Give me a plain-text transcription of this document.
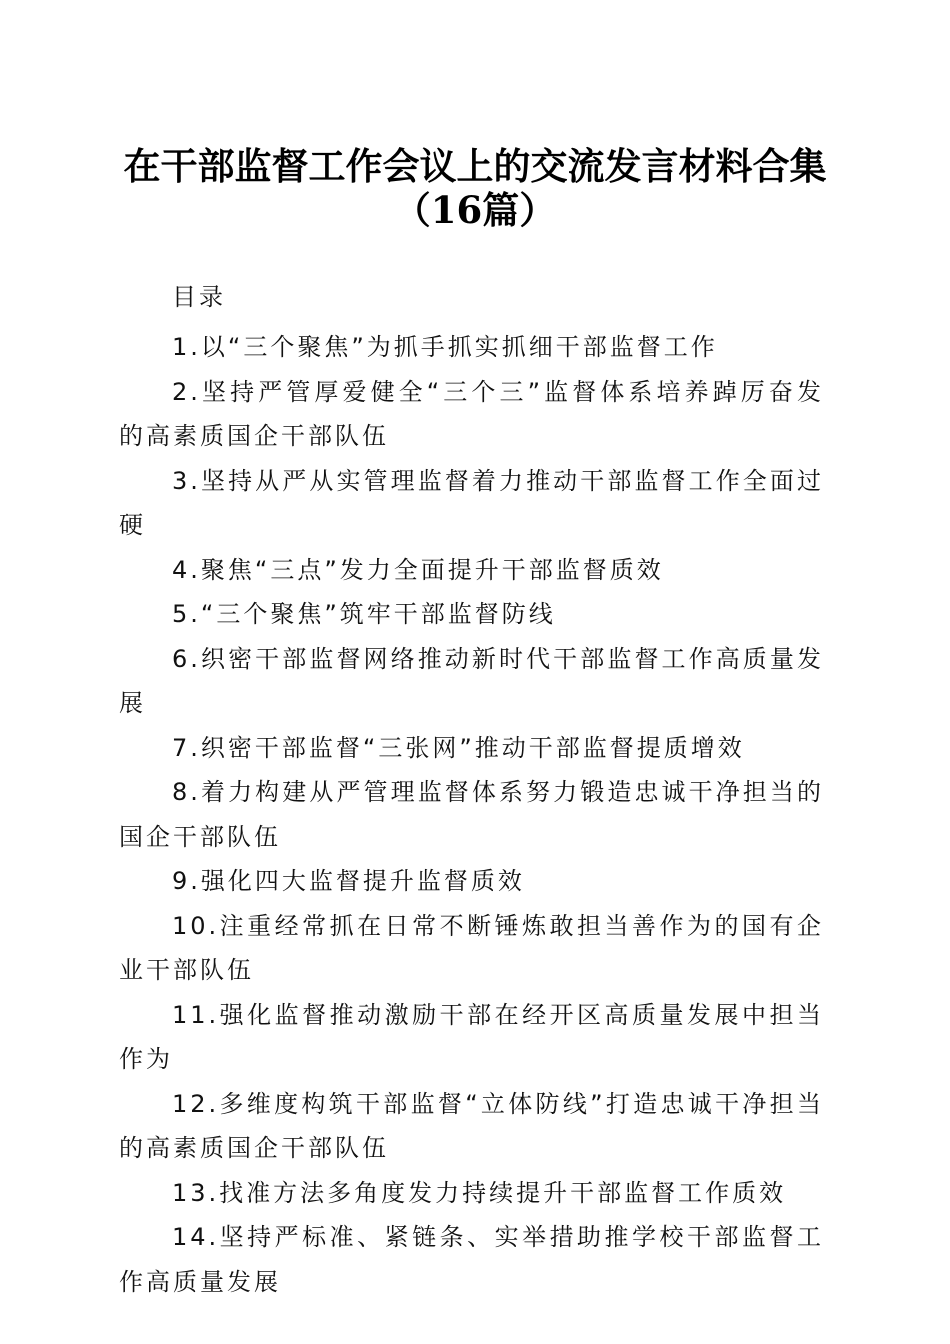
在干部监督工作会议上的交流发言材料合集
（16篇）

目录

1.以“三个聚焦”为抓手抓实抓细干部监督工作
2.坚持严管厚爱健全“三个三”监督体系培养踔厉奋发的高素质国企干部队伍
3.坚持从严从实管理监督着力推动干部监督工作全面过硬
4.聚焦“三点”发力全面提升干部监督质效
5.“三个聚焦”筑牢干部监督防线
6.织密干部监督网络推动新时代干部监督工作高质量发展
7.织密干部监督“三张网”推动干部监督提质增效
8.着力构建从严管理监督体系努力锻造忠诚干净担当的国企干部队伍
9.强化四大监督提升监督质效
10.注重经常抓在日常不断锤炼敢担当善作为的国有企业干部队伍
11.强化监督推动激励干部在经开区高质量发展中担当作为
12.多维度构筑干部监督“立体防线”打造忠诚干净担当的高素质国企干部队伍
13.找准方法多角度发力持续提升干部监督工作质效
14.坚持严标准、紧链条、实举措助推学校干部监督工作高质量发展
